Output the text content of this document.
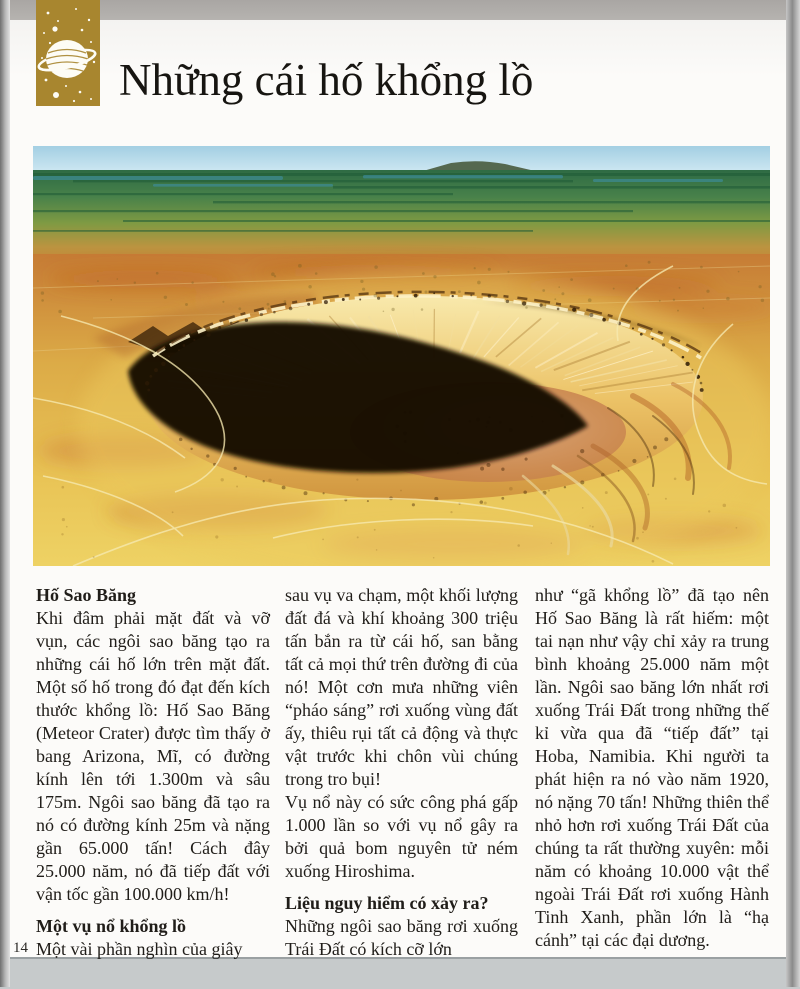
Những cái hố khổng lồ

Hố Sao Băng

Khi đâm phải mặt đất và vỡ vụn, các ngôi sao băng tạo ra những cái hố lớn trên mặt đất. Một số hố trong đó đạt đến kích thước khổng lồ: Hố Sao Băng (Meteor Crater) được tìm thấy ở bang Arizona, Mĩ, có đường kính lên tới 1.300m và sâu 175m. Ngôi sao băng đã tạo ra nó có đường kính 25m và nặng gần 65.000 tấn! Cách đây 25.000 năm, nó đã tiếp đất với vận tốc gần 100.000 km/h!

Một vụ nổ khổng lồ

Một vài phần nghìn của giây

sau vụ va chạm, một khối lượng đất đá và khí khoảng 300 triệu tấn bắn ra từ cái hố, san bằng tất cả mọi thứ trên đường đi của nó! Một cơn mưa những viên “pháo sáng” rơi xuống vùng đất ấy, thiêu rụi tất cả động và thực vật trước khi chôn vùi chúng trong tro bụi!

Vụ nổ này có sức công phá gấp 1.000 lần so với vụ nổ gây ra bởi quả bom nguyên tử ném xuống Hiroshima.

Liệu nguy hiểm có xảy ra?

Những ngôi sao băng rơi xuống Trái Đất có kích cỡ lớn

như “gã khổng lồ” đã tạo nên Hố Sao Băng là rất hiếm: một tai nạn như vậy chỉ xảy ra trung bình khoảng 25.000 năm một lần. Ngôi sao băng lớn nhất rơi xuống Trái Đất trong những thế kỉ vừa qua đã “tiếp đất” tại Hoba, Namibia. Khi người ta phát hiện ra nó vào năm 1920, nó nặng 70 tấn! Những thiên thể nhỏ hơn rơi xuống Trái Đất của chúng ta rất thường xuyên: mỗi năm có khoảng 10.000 vật thể ngoài Trái Đất rơi xuống Hành Tinh Xanh, phần lớn là “hạ cánh” tại các đại dương.

14
